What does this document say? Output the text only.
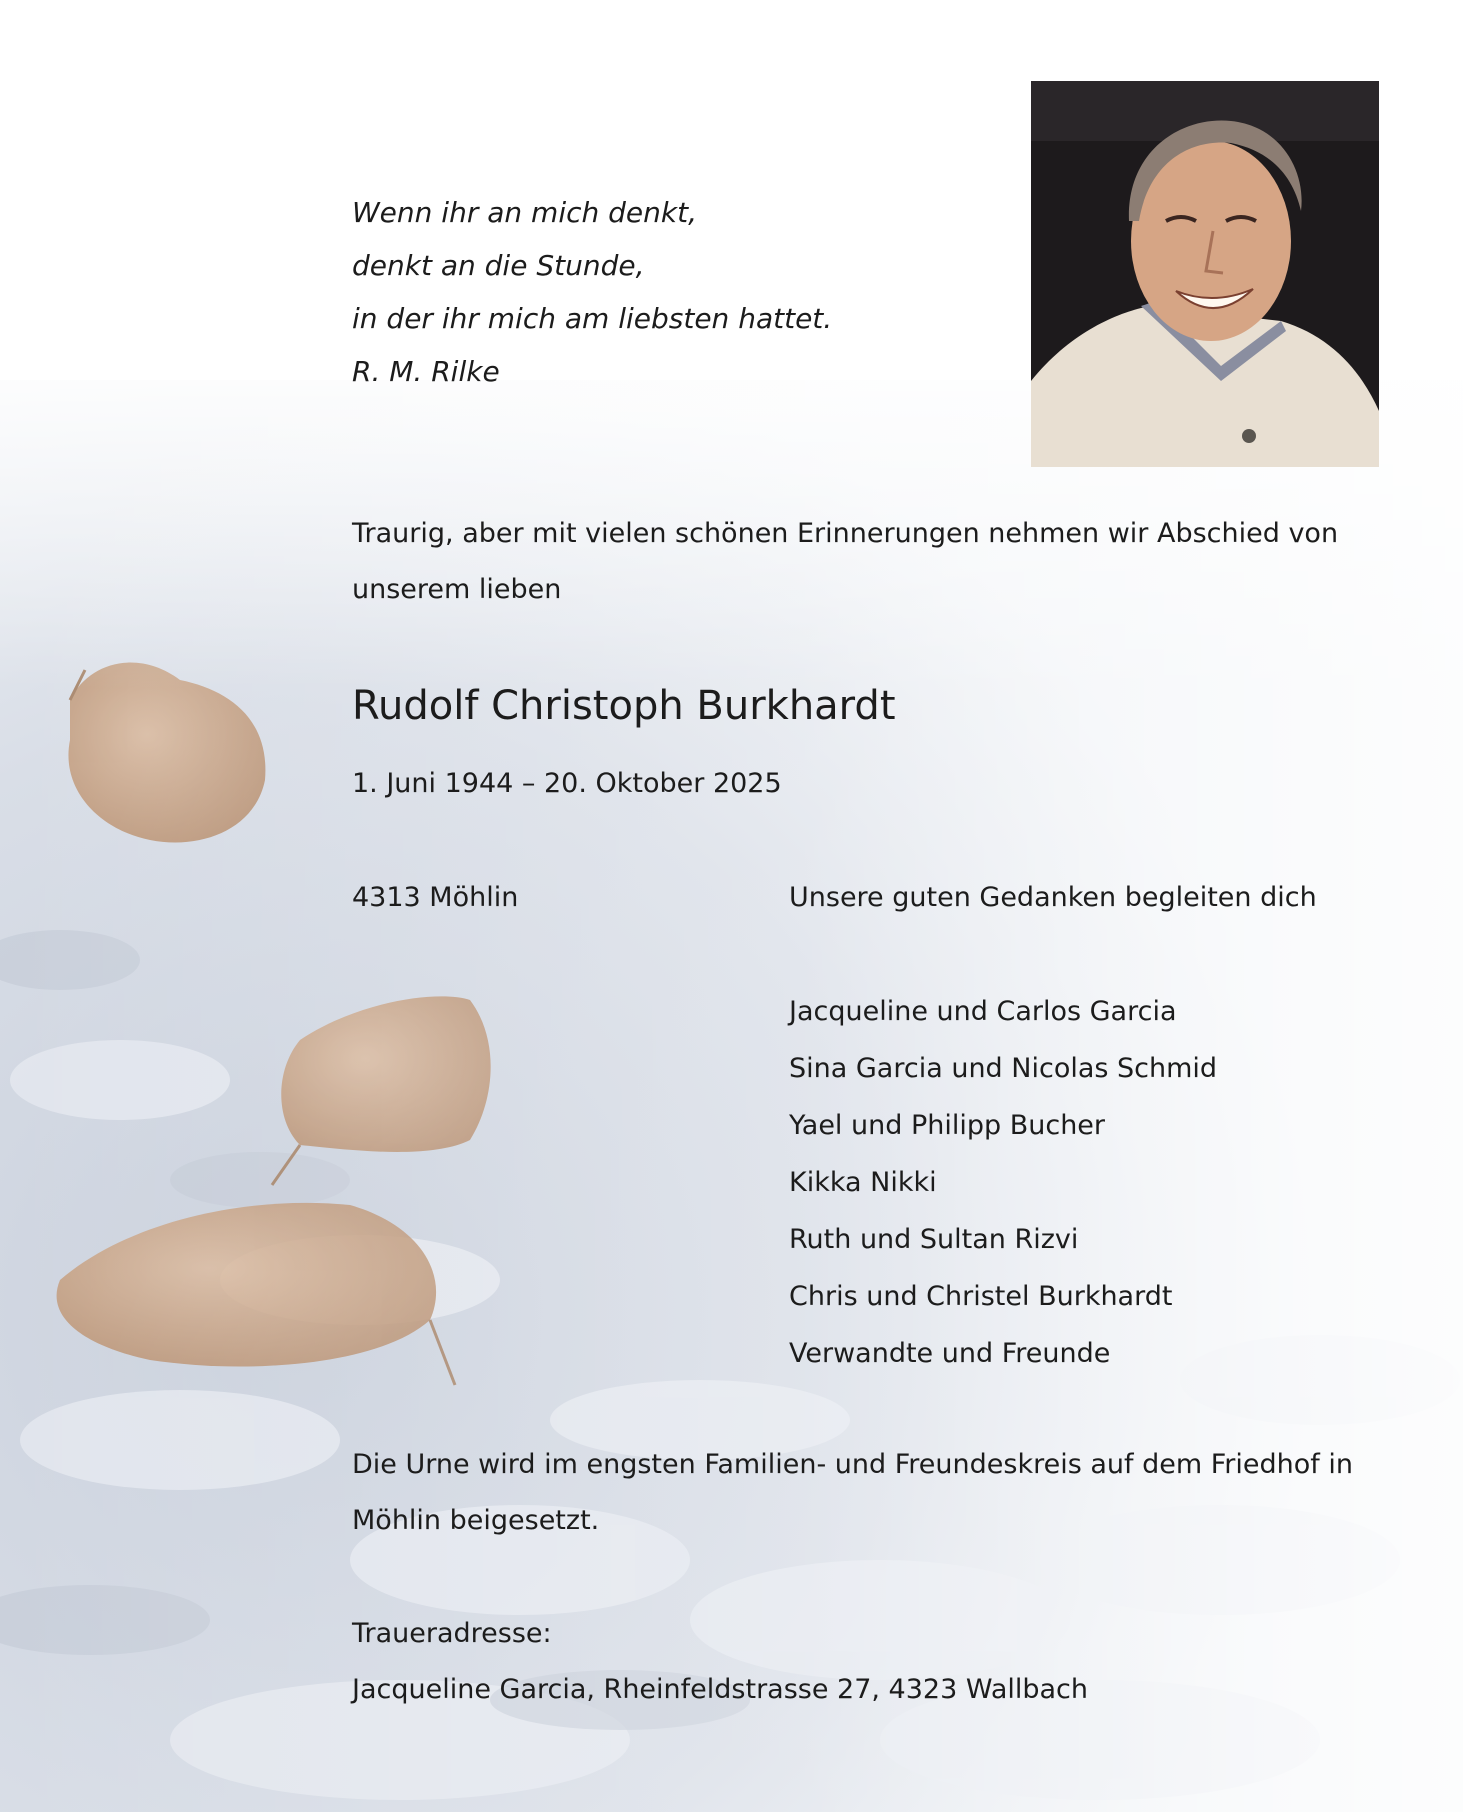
Wenn ihr an mich denkt,

denkt an die Stunde,

in der ihr mich am liebsten hattet.

R. M. Rilke

Traurig, aber mit vielen schönen Erinnerungen nehmen wir Abschied von unserem lieben

Rudolf Christoph Burkhardt

1. Juni 1944 – 20. Oktober 2025

4313 Möhlin	Unsere guten Gedanken begleiten dich

Jacqueline und Carlos Garcia
Sina Garcia und Nicolas Schmid
Yael und Philipp Bucher
Kikka Nikki
Ruth und Sultan Rizvi
Chris und Christel Burkhardt
Verwandte und Freunde

Die Urne wird im engsten Familien- und Freundeskreis auf dem Friedhof in Möhlin beigesetzt.

Traueradresse:

Jacqueline Garcia, Rheinfeldstrasse 27, 4323 Wallbach
